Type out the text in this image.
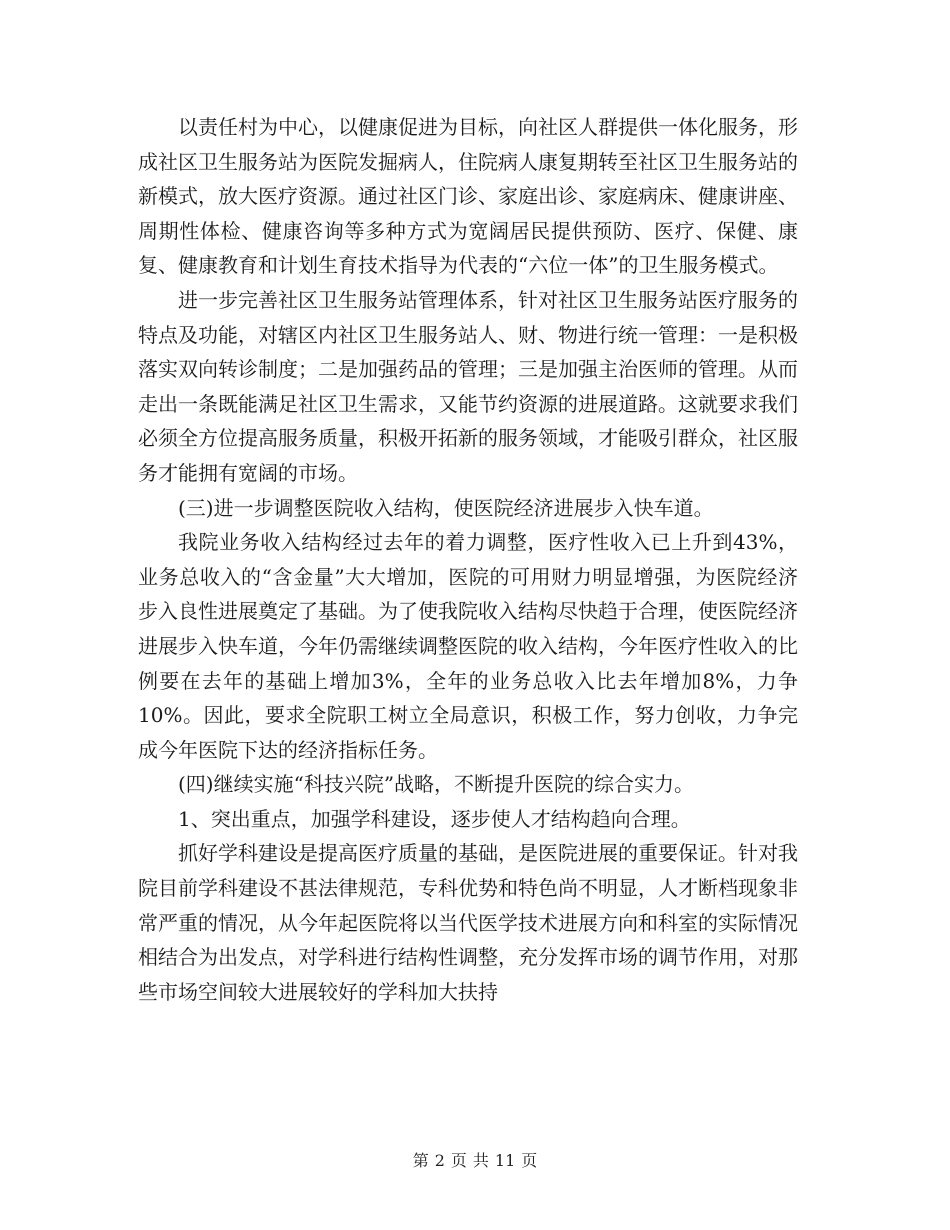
以责任村为中心，以健康促进为目标，向社区人群提供一体化服务，形成社区卫生服务站为医院发掘病人，住院病人康复期转至社区卫生服务站的新模式，放大医疗资源。通过社区门诊、家庭出诊、家庭病床、健康讲座、周期性体检、健康咨询等多种方式为宽阔居民提供预防、医疗、保健、康复、健康教育和计划生育技术指导为代表的“六位一体”的卫生服务模式。

进一步完善社区卫生服务站管理体系，针对社区卫生服务站医疗服务的特点及功能，对辖区内社区卫生服务站人、财、物进行统一管理：一是积极落实双向转诊制度；二是加强药品的管理；三是加强主治医师的管理。从而走出一条既能满足社区卫生需求，又能节约资源的进展道路。这就要求我们必须全方位提高服务质量，积极开拓新的服务领域，才能吸引群众，社区服务才能拥有宽阔的市场。

(三)进一步调整医院收入结构，使医院经济进展步入快车道。

我院业务收入结构经过去年的着力调整，医疗性收入已上升到43%，业务总收入的“含金量”大大增加，医院的可用财力明显增强，为医院经济步入良性进展奠定了基础。为了使我院收入结构尽快趋于合理，使医院经济进展步入快车道，今年仍需继续调整医院的收入结构，今年医疗性收入的比例要在去年的基础上增加3%，全年的业务总收入比去年增加8%，力争10%。因此，要求全院职工树立全局意识，积极工作，努力创收，力争完成今年医院下达的经济指标任务。

(四)继续实施“科技兴院”战略，不断提升医院的综合实力。

1、突出重点，加强学科建设，逐步使人才结构趋向合理。

抓好学科建设是提高医疗质量的基础，是医院进展的重要保证。针对我院目前学科建设不甚法律规范，专科优势和特色尚不明显，人才断档现象非常严重的情况，从今年起医院将以当代医学技术进展方向和科室的实际情况相结合为出发点，对学科进行结构性调整，充分发挥市场的调节作用，对那些市场空间较大进展较好的学科加大扶持

第 2 页 共 11 页
